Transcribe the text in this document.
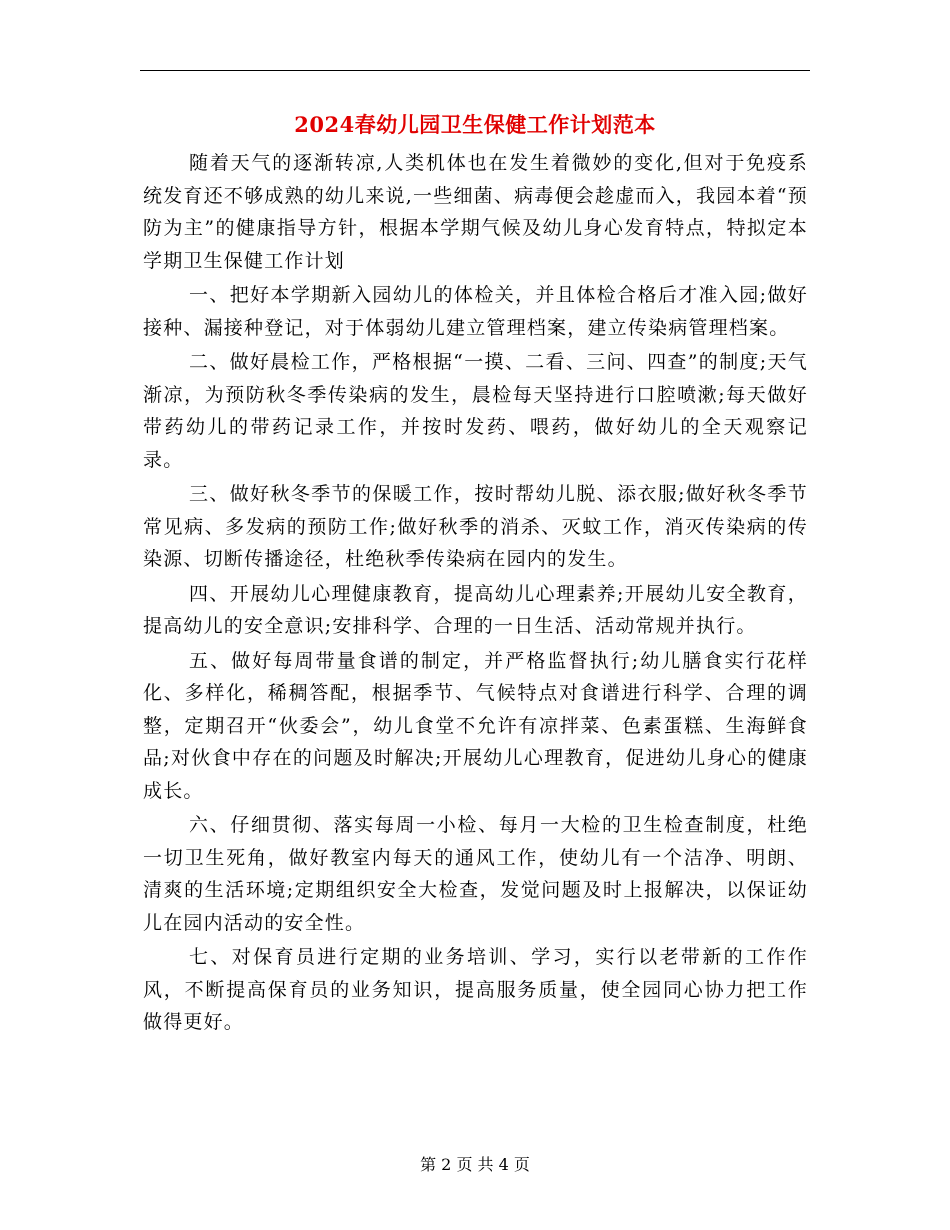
2024春幼儿园卫生保健工作计划范本

随着天气的逐渐转凉,人类机体也在发生着微妙的变化,但对于免疫系统发育还不够成熟的幼儿来说,一些细菌、病毒便会趁虚而入，我园本着“预防为主”的健康指导方针，根据本学期气候及幼儿身心发育特点，特拟定本学期卫生保健工作计划

一、把好本学期新入园幼儿的体检关，并且体检合格后才准入园;做好接种、漏接种登记，对于体弱幼儿建立管理档案，建立传染病管理档案。

二、做好晨检工作，严格根据“一摸、二看、三问、四查”的制度;天气渐凉，为预防秋冬季传染病的发生，晨检每天坚持进行口腔喷漱;每天做好带药幼儿的带药记录工作，并按时发药、喂药，做好幼儿的全天观察记录。

三、做好秋冬季节的保暖工作，按时帮幼儿脱、添衣服;做好秋冬季节常见病、多发病的预防工作;做好秋季的消杀、灭蚊工作，消灭传染病的传染源、切断传播途径，杜绝秋季传染病在园内的发生。

四、开展幼儿心理健康教育，提高幼儿心理素养;开展幼儿安全教育，提高幼儿的安全意识;安排科学、合理的一日生活、活动常规并执行。

五、做好每周带量食谱的制定，并严格监督执行;幼儿膳食实行花样化、多样化，稀稠答配，根据季节、气候特点对食谱进行科学、合理的调整，定期召开“伙委会”，幼儿食堂不允许有凉拌菜、色素蛋糕、生海鲜食品;对伙食中存在的问题及时解决;开展幼儿心理教育，促进幼儿身心的健康成长。

六、仔细贯彻、落实每周一小检、每月一大检的卫生检查制度，杜绝一切卫生死角，做好教室内每天的通风工作，使幼儿有一个洁净、明朗、清爽的生活环境;定期组织安全大检查，发觉问题及时上报解决，以保证幼儿在园内活动的安全性。

七、对保育员进行定期的业务培训、学习，实行以老带新的工作作风，不断提高保育员的业务知识，提高服务质量，使全园同心协力把工作做得更好。

第 2 页 共 4 页
